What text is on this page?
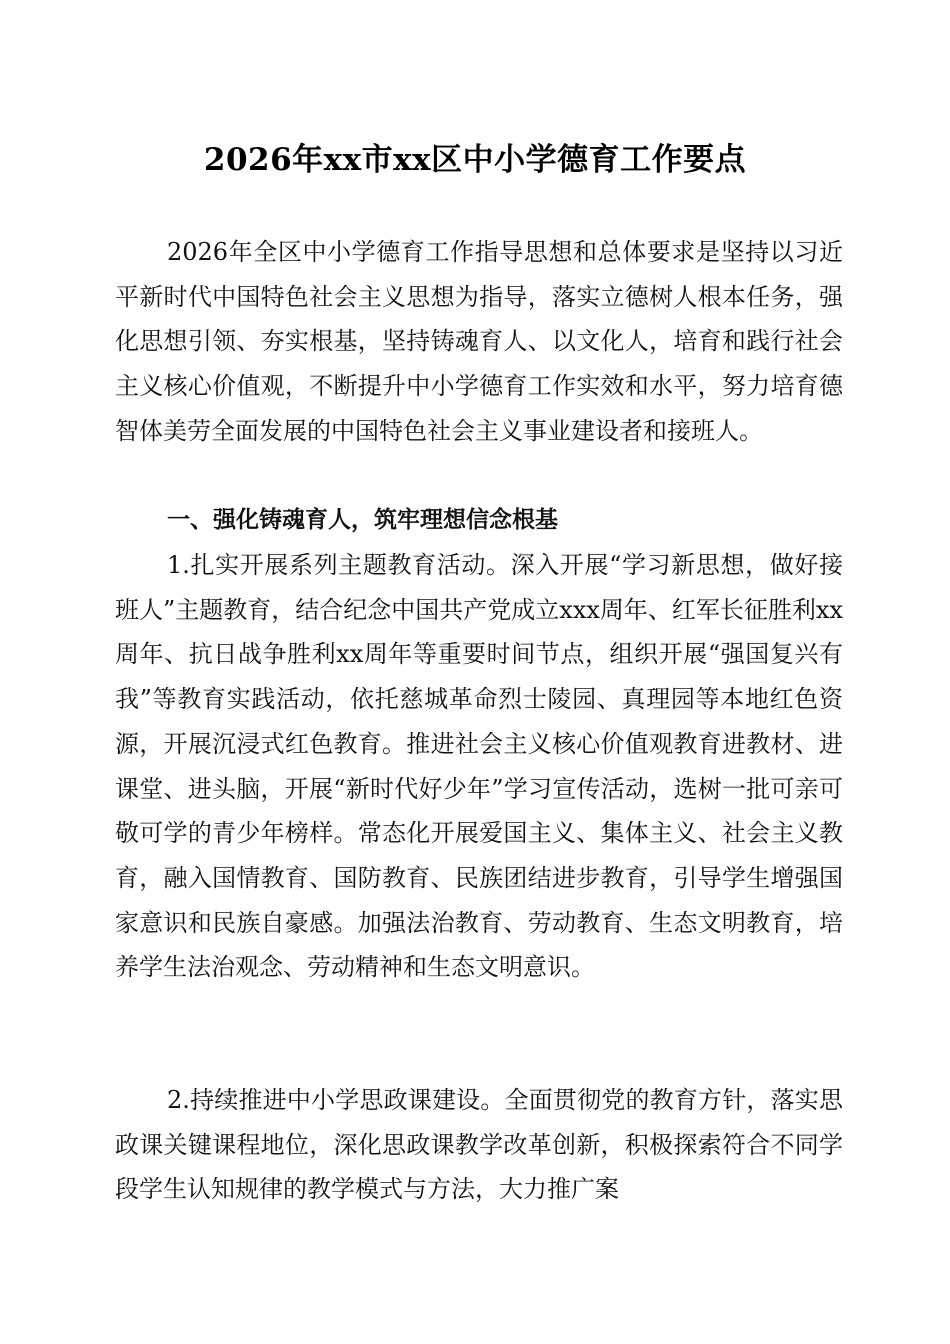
2026年xx市xx区中小学德育工作要点

2026年全区中小学德育工作指导思想和总体要求是坚持以习近平新时代中国特色社会主义思想为指导，落实立德树人根本任务，强化思想引领、夯实根基，坚持铸魂育人、以文化人，培育和践行社会主义核心价值观，不断提升中小学德育工作实效和水平，努力培育德智体美劳全面发展的中国特色社会主义事业建设者和接班人。

一、强化铸魂育人，筑牢理想信念根基

1.扎实开展系列主题教育活动。深入开展“学习新思想，做好接班人”主题教育，结合纪念中国共产党成立xxx周年、红军长征胜利xx周年、抗日战争胜利xx周年等重要时间节点，组织开展“强国复兴有我”等教育实践活动，依托慈城革命烈士陵园、真理园等本地红色资源，开展沉浸式红色教育。推进社会主义核心价值观教育进教材、进课堂、进头脑，开展“新时代好少年”学习宣传活动，选树一批可亲可敬可学的青少年榜样。常态化开展爱国主义、集体主义、社会主义教育，融入国情教育、国防教育、民族团结进步教育，引导学生增强国家意识和民族自豪感。加强法治教育、劳动教育、生态文明教育，培养学生法治观念、劳动精神和生态文明意识。

2.持续推进中小学思政课建设。全面贯彻党的教育方针，落实思政课关键课程地位，深化思政课教学改革创新，积极探索符合不同学段学生认知规律的教学模式与方法，大力推广案
